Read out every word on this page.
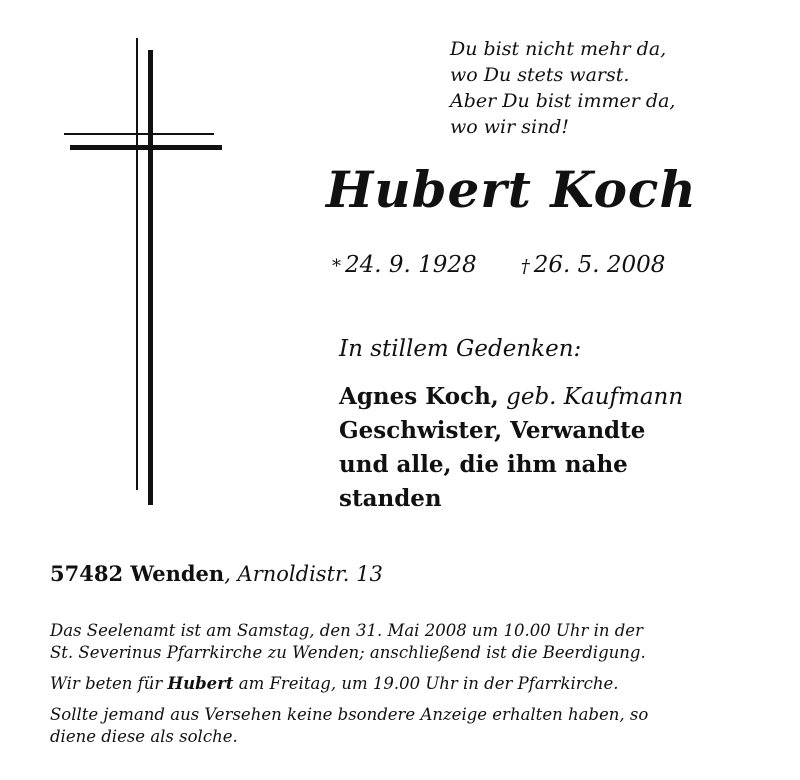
Du bist nicht mehr da,
wo Du stets warst.
Aber Du bist immer da,
wo wir sind!
Hubert Koch
* 24. 9. 1928 † 26. 5. 2008
In stillem Gedenken:
Agnes Koch, geb. Kaufmann
Geschwister, Verwandte
und alle, die ihm nahe
standen
57482 Wenden, Arnoldistr. 13

Das Seelenamt ist am Samstag, den 31. Mai 2008 um 10.00 Uhr in der
St. Severinus Pfarrkirche zu Wenden; anschließend ist die Beerdigung.

Wir beten für Hubert am Freitag, um 19.00 Uhr in der Pfarrkirche.

Sollte jemand aus Versehen keine bsondere Anzeige erhalten haben, so
diene diese als solche.
